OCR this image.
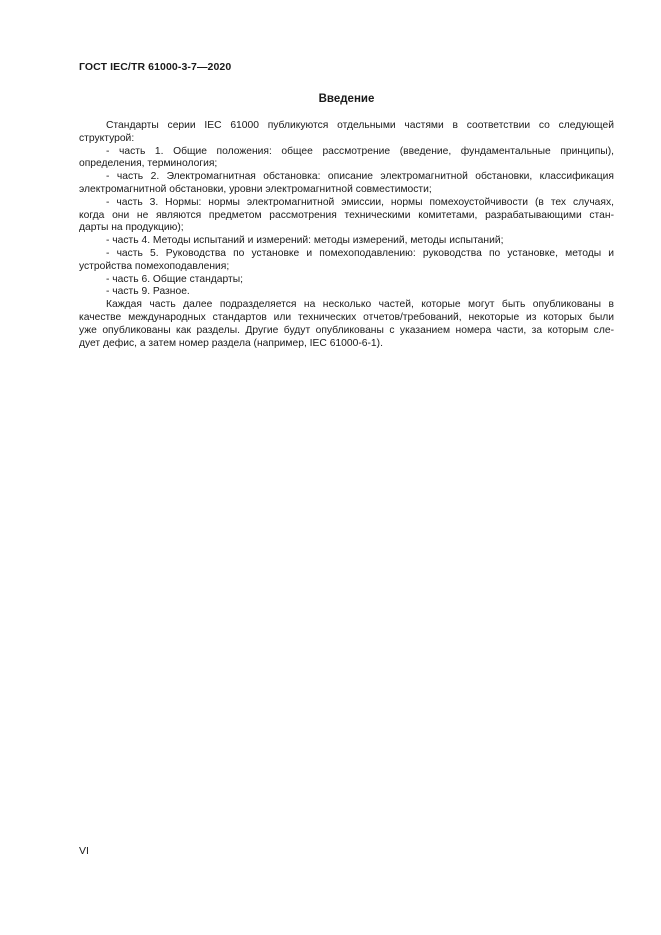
ГОСТ IEC/TR 61000-3-7—2020
Введение
Стандарты серии IEC 61000 публикуются отдельными частями в соответствии со следующей
структурой:
- часть 1. Общие положения: общее рассмотрение (введение, фундаментальные принципы),
определения, терминология;
- часть 2. Электромагнитная обстановка: описание электромагнитной обстановки, классификация
электромагнитной обстановки, уровни электромагнитной совместимости;
- часть 3. Нормы: нормы электромагнитной эмиссии, нормы помехоустойчивости (в тех случаях,
когда они не являются предметом рассмотрения техническими комитетами, разрабатывающими стан-
дарты на продукцию);
- часть 4. Методы испытаний и измерений: методы измерений, методы испытаний;
- часть 5. Руководства по установке и помехоподавлению: руководства по установке, методы и
устройства помехоподавления;
- часть 6. Общие стандарты;
- часть 9. Разное.
Каждая часть далее подразделяется на несколько частей, которые могут быть опубликованы в
качестве международных стандартов или технических отчетов/требований, некоторые из которых были
уже опубликованы как разделы. Другие будут опубликованы с указанием номера части, за которым сле-
дует дефис, а затем номер раздела (например, IEC 61000-6-1).
VI
